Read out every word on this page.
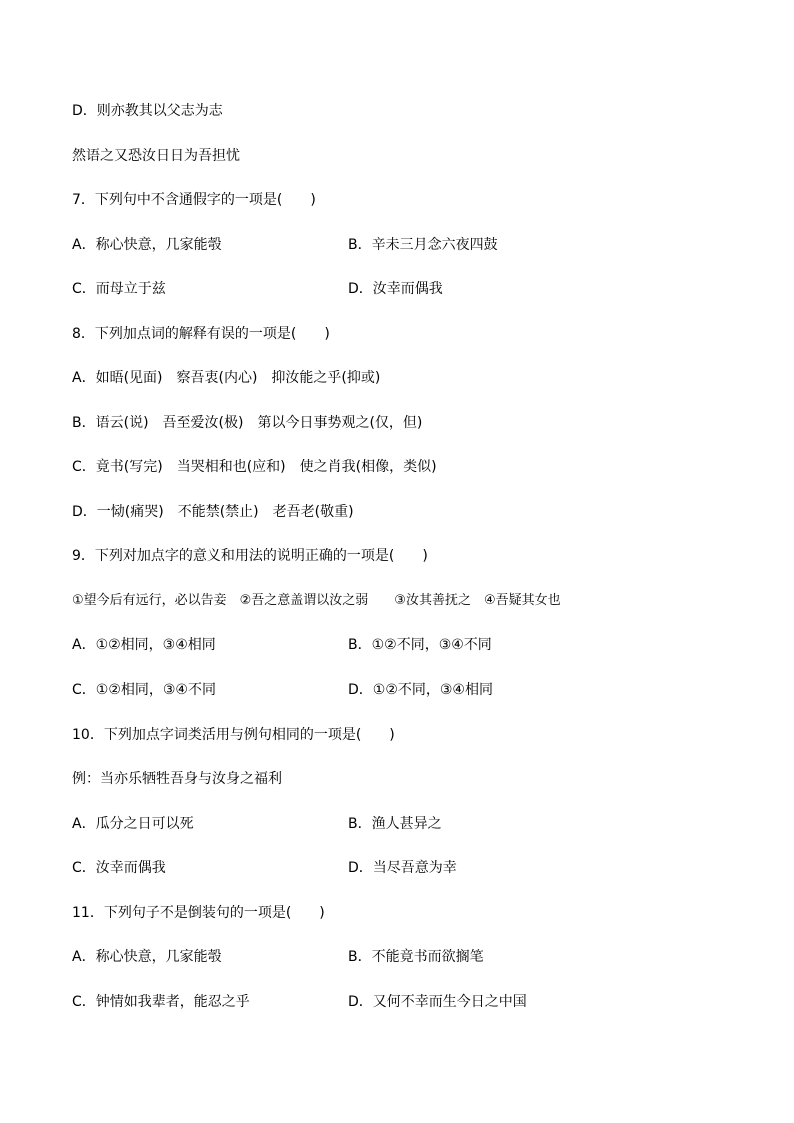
D．则亦教其以父志为志
然语之又恐汝日日为吾担忧
7．下列句中不含通假字的一项是(　　)
A．称心快意，几家能彀	B．辛未三月念六夜四鼓
C．而母立于兹	D．汝幸而偶我
8．下列加点词的解释有误的一项是(　　)
A．如晤(见面)　察吾衷(内心)　抑汝能之乎(抑或)
B．语云(说)　吾至爱汝(极)　第以今日事势观之(仅，但)
C．竟书(写完)　当哭相和也(应和)　使之肖我(相像，类似)
D．一恸(痛哭)　不能禁(禁止)　老吾老(敬重)
9．下列对加点字的意义和用法的说明正确的一项是(　　)
①望今后有远行，必以告妾　②吾之意盖谓以汝之弱　　③汝其善抚之　④吾疑其女也
A．①②相同，③④相同	B．①②不同，③④不同
C．①②相同，③④不同	D．①②不同，③④相同
10．下列加点字词类活用与例句相同的一项是(　　)
例：当亦乐牺牲吾身与汝身之福利
A．瓜分之日可以死	B．渔人甚异之
C．汝幸而偶我	D．当尽吾意为幸
11．下列句子不是倒装句的一项是(　　)
A．称心快意，几家能彀	B．不能竟书而欲搁笔
C．钟情如我辈者，能忍之乎	D．又何不幸而生今日之中国
